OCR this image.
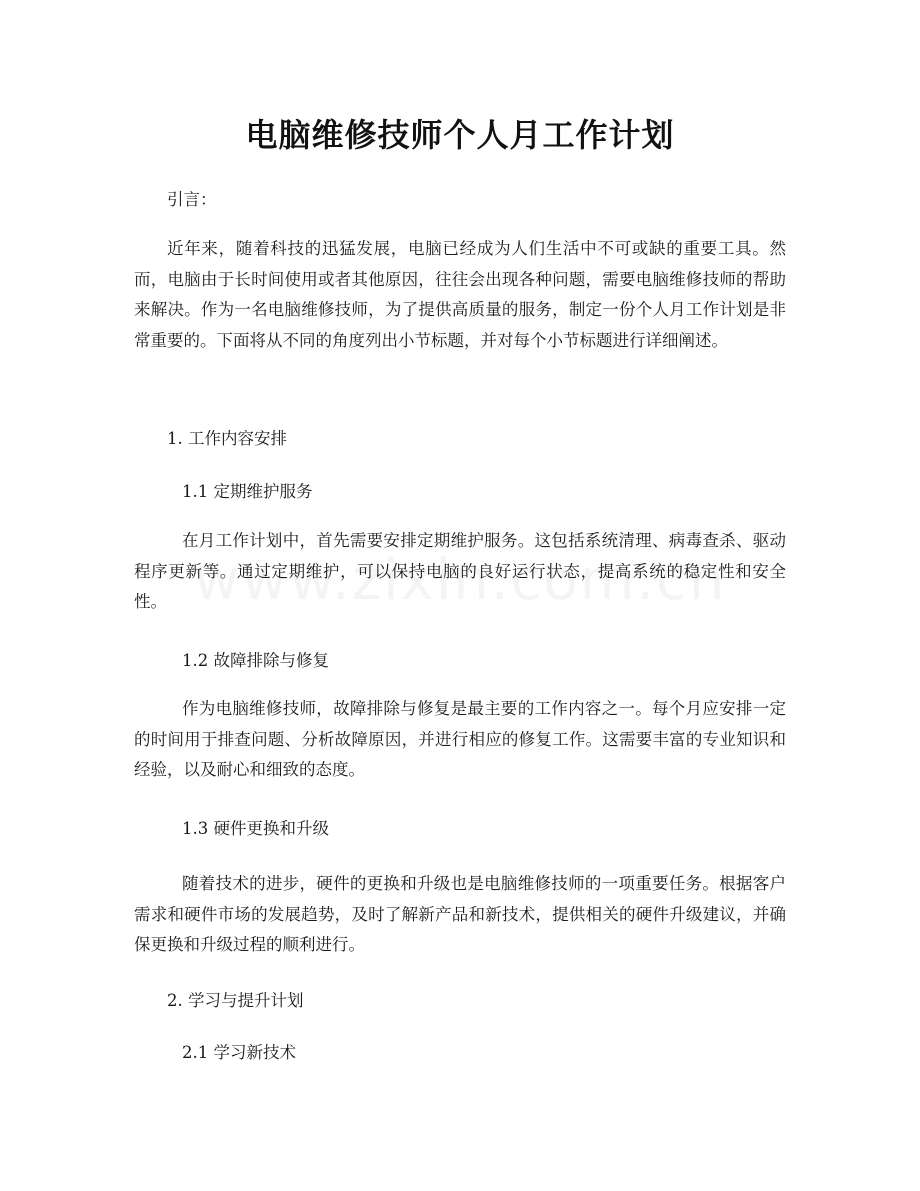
电脑维修技师个人月工作计划
引言：
近年来，随着科技的迅猛发展，电脑已经成为人们生活中不可或缺的重要工具。然而，电脑由于长时间使用或者其他原因，往往会出现各种问题，需要电脑维修技师的帮助来解决。作为一名电脑维修技师，为了提供高质量的服务，制定一份个人月工作计划是非常重要的。下面将从不同的角度列出小节标题，并对每个小节标题进行详细阐述。
1. 工作内容安排
1.1 定期维护服务
在月工作计划中，首先需要安排定期维护服务。这包括系统清理、病毒查杀、驱动程序更新等。通过定期维护，可以保持电脑的良好运行状态，提高系统的稳定性和安全性。
1.2 故障排除与修复
作为电脑维修技师，故障排除与修复是最主要的工作内容之一。每个月应安排一定的时间用于排查问题、分析故障原因，并进行相应的修复工作。这需要丰富的专业知识和经验，以及耐心和细致的态度。
1.3 硬件更换和升级
随着技术的进步，硬件的更换和升级也是电脑维修技师的一项重要任务。根据客户需求和硬件市场的发展趋势，及时了解新产品和新技术，提供相关的硬件升级建议，并确保更换和升级过程的顺利进行。
2. 学习与提升计划
2.1 学习新技术
